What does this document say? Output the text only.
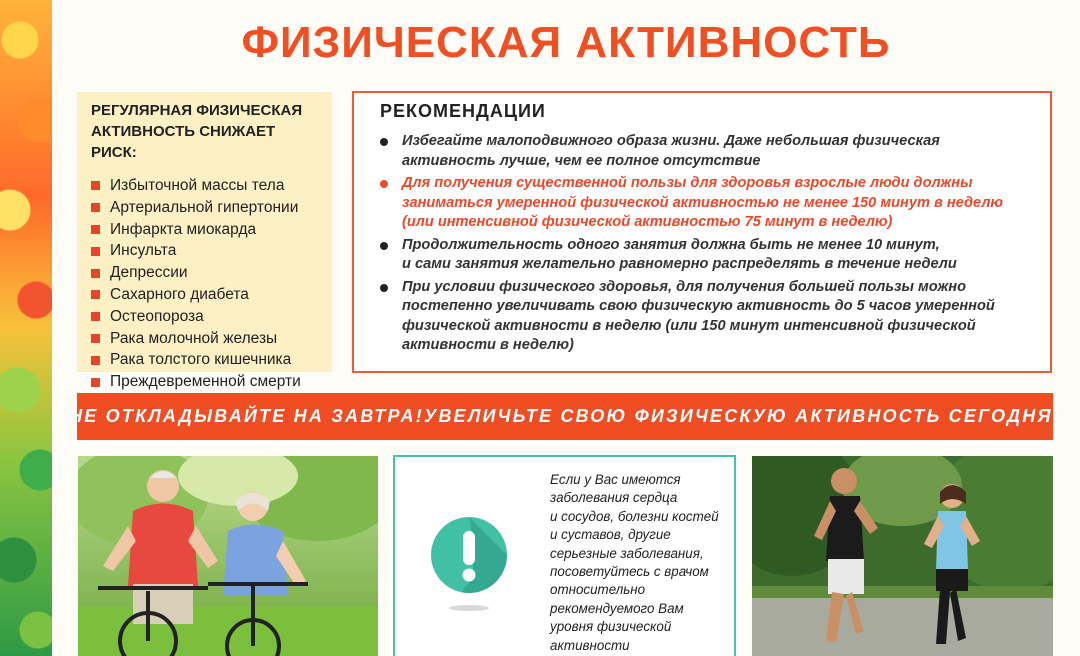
ФИЗИЧЕСКАЯ АКТИВНОСТЬ
РЕГУЛЯРНАЯ ФИЗИЧЕСКАЯ
АКТИВНОСТЬ СНИЖАЕТ РИСК:
Избыточной массы тела
Артериальной гипертонии
Инфаркта миокарда
Инсульта
Депрессии
Сахарного диабета
Остеопороза
Рака молочной железы
Рака толстого кишечника
Преждевременной смерти
РЕКОМЕНДАЦИИ
Избегайте малоподвижного образа жизни. Даже небольшая физическая
активность лучше, чем ее полное отсутствие
Для получения существенной пользы для здоровья взрослые люди должны
заниматься умеренной физической активностью не менее 150 минут в неделю
(или интенсивной физической активностью 75 минут в неделю)
Продолжительность одного занятия должна быть не менее 10 минут,
и сами занятия желательно равномерно распределять в течение недели
При условии физического здоровья, для получения большей пользы можно
постепенно увеличивать свою физическую активность до 5 часов умеренной
физической активности в неделю (или 150 минут интенсивной физической
активности в неделю)
НЕ ОТКЛАДЫВАЙТЕ НА ЗАВТРА! УВЕЛИЧЬТЕ СВОЮ ФИЗИЧЕСКУЮ АКТИВНОСТЬ СЕГОДНЯ!
Если у Вас имеются
заболевания сердца
и сосудов, болезни костей
и суставов, другие
серьезные заболевания,
посоветуйтесь с врачом
относительно
рекомендуемого Вам
уровня физической
активности
